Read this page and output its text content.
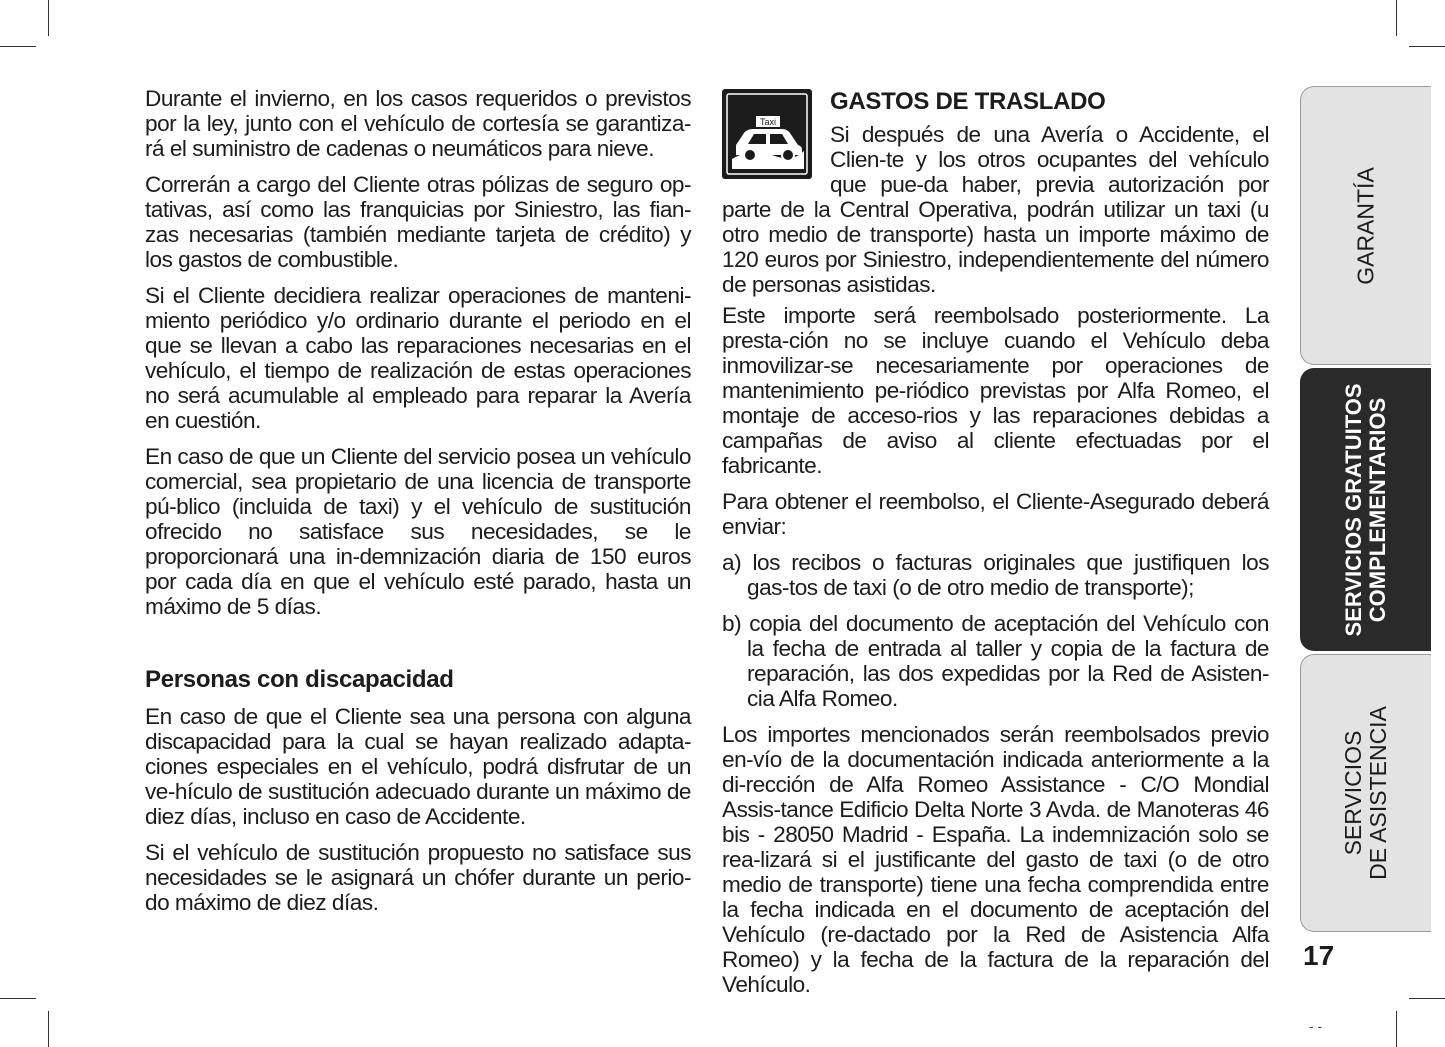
Durante el invierno, en los casos requeridos o previstos por la ley, junto con el vehículo de cortesía se garantiza-rá el suministro de cadenas o neumáticos para nieve.

Correrán a cargo del Cliente otras pólizas de seguro op-tativas, así como las franquicias por Siniestro, las fian-zas necesarias (también mediante tarjeta de crédito) y los gastos de combustible.

Si el Cliente decidiera realizar operaciones de manteni-miento periódico y/o ordinario durante el periodo en el que se llevan a cabo las reparaciones necesarias en el vehículo, el tiempo de realización de estas operaciones no será acumulable al empleado para reparar la Avería en cuestión.

En caso de que un Cliente del servicio posea un vehículo comercial, sea propietario de una licencia de transporte pú-blico (incluida de taxi) y el vehículo de sustitución ofrecido no satisface sus necesidades, se le proporcionará una in-demnización diaria de 150 euros por cada día en que el vehículo esté parado, hasta un máximo de 5 días.

Personas con discapacidad

En caso de que el Cliente sea una persona con alguna discapacidad para la cual se hayan realizado adapta-ciones especiales en el vehículo, podrá disfrutar de un ve-hículo de sustitución adecuado durante un máximo de diez días, incluso en caso de Accidente.

Si el vehículo de sustitución propuesto no satisface sus necesidades se le asignará un chófer durante un perio-do máximo de diez días.

Taxi
GASTOS DE TRASLADO

Si después de una Avería o Accidente, el Clien-te y los otros ocupantes del vehículo que pue-da haber, previa autorización por parte de la Central Operativa, podrán utilizar un taxi (u otro medio de transporte) hasta un importe máximo de 120 euros por Siniestro, independientemente del número de personas asistidas.

Este importe será reembolsado posteriormente. La presta-ción no se incluye cuando el Vehículo deba inmovilizar-se necesariamente por operaciones de mantenimiento pe-riódico previstas por Alfa Romeo, el montaje de acceso-rios y las reparaciones debidas a campañas de aviso al cliente efectuadas por el fabricante.

Para obtener el reembolso, el Cliente-Asegurado deberá enviar:

a) los recibos o facturas originales que justifiquen los gas-tos de taxi (o de otro medio de transporte);

b) copia del documento de aceptación del Vehículo con la fecha de entrada al taller y copia de la factura de reparación, las dos expedidas por la Red de Asisten-cia Alfa Romeo.

Los importes mencionados serán reembolsados previo en-vío de la documentación indicada anteriormente a la di-rección de Alfa Romeo Assistance - C/O Mondial Assis-tance Edificio Delta Norte 3 Avda. de Manoteras 46 bis - 28050 Madrid - España. La indemnización solo se rea-lizará si el justificante del gasto de taxi (o de otro medio de transporte) tiene una fecha comprendida entre la fecha indicada en el documento de aceptación del Vehículo (re-dactado por la Red de Asistencia Alfa Romeo) y la fecha de la factura de la reparación del Vehículo.

GARANTÍA
SERVICIOS GRATUITOS COMPLEMENTARIOS
SERVICIOS DE ASISTENCIA
17
- -
